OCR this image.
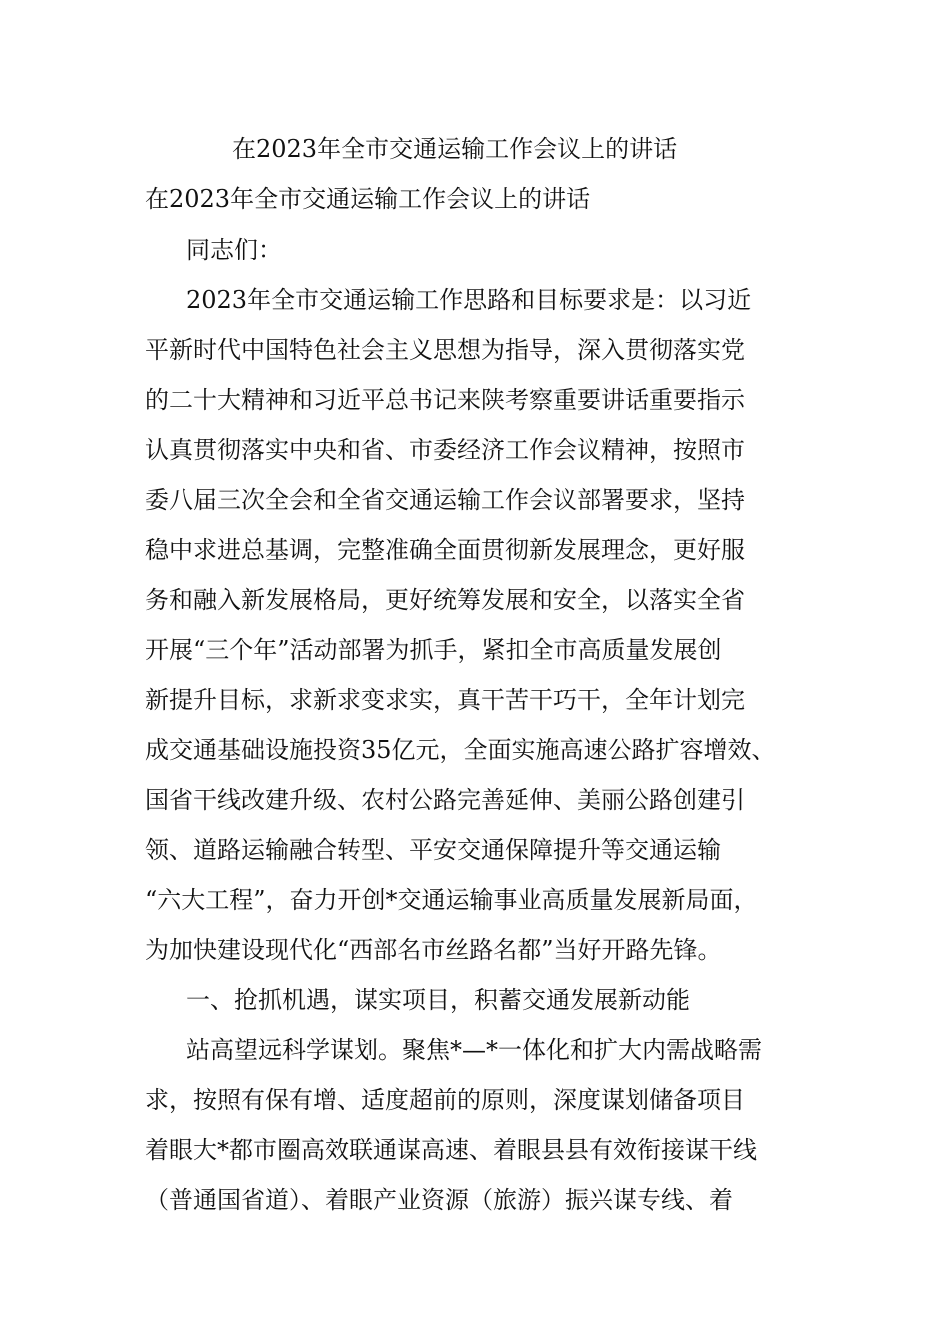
在2023年全市交通运输工作会议上的讲话
在2023年全市交通运输工作会议上的讲话
同志们：
2023年全市交通运输工作思路和目标要求是：以习近
平新时代中国特色社会主义思想为指导，深入贯彻落实党
的二十大精神和习近平总书记来陕考察重要讲话重要指示
认真贯彻落实中央和省、市委经济工作会议精神，按照市
委八届三次全会和全省交通运输工作会议部署要求，坚持
稳中求进总基调，完整准确全面贯彻新发展理念，更好服
务和融入新发展格局，更好统筹发展和安全，以落实全省
开展“三个年”活动部署为抓手，紧扣全市高质量发展创
新提升目标，求新求变求实，真干苦干巧干，全年计划完
成交通基础设施投资35亿元，全面实施高速公路扩容增效、
国省干线改建升级、农村公路完善延伸、美丽公路创建引
领、道路运输融合转型、平安交通保障提升等交通运输
“六大工程”，奋力开创*交通运输事业高质量发展新局面，
为加快建设现代化“西部名市丝路名都”当好开路先锋。
一、抢抓机遇，谋实项目，积蓄交通发展新动能
站高望远科学谋划。聚焦*—*一体化和扩大内需战略需
求，按照有保有增、适度超前的原则，深度谋划储备项目
着眼大*都市圈高效联通谋高速、着眼县县有效衔接谋干线
（普通国省道）、着眼产业资源（旅游）振兴谋专线、着
